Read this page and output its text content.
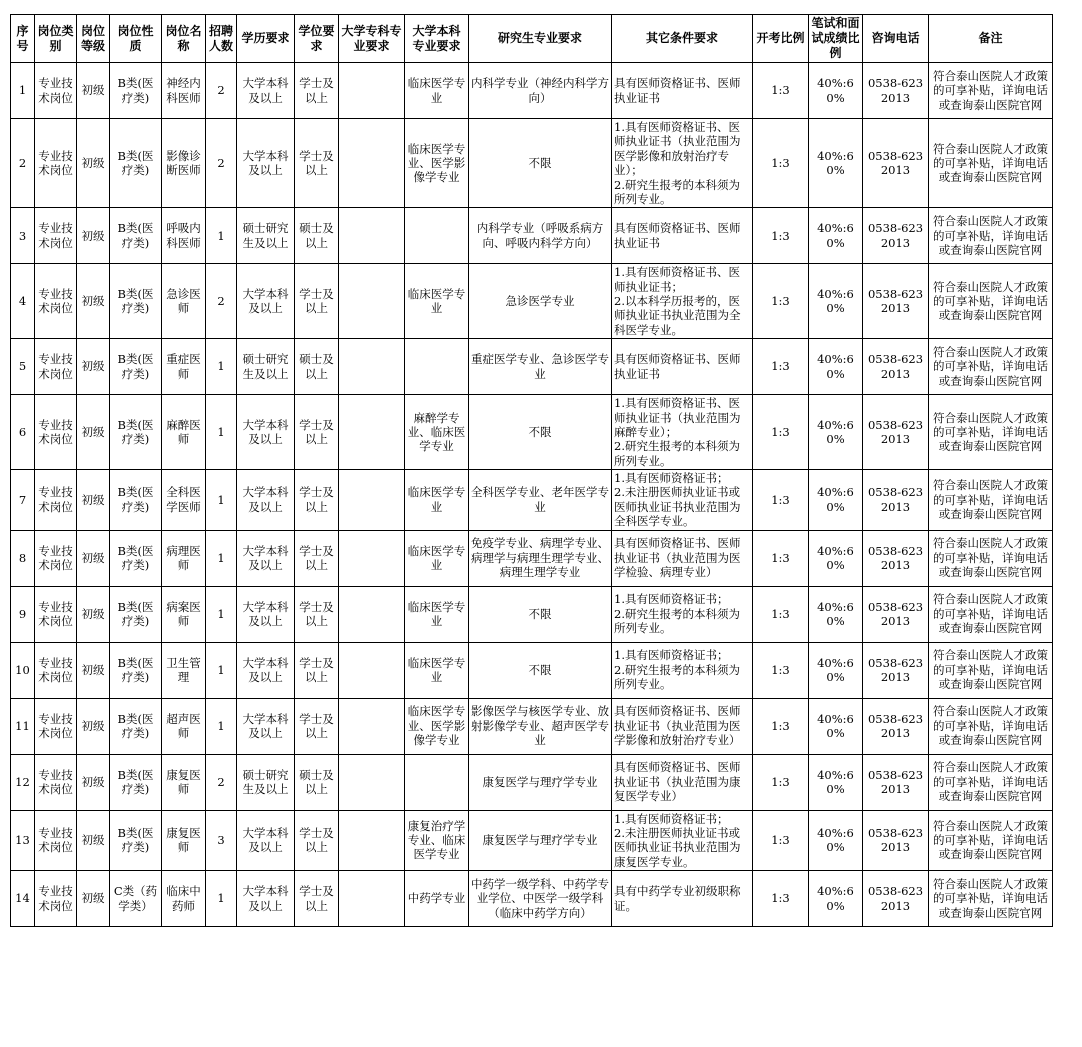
序号	岗位类别	岗位等级	岗位性质	岗位名称	招聘人数	学历要求	学位要求	大学专科专业要求	大学本科专业要求	研究生专业要求	其它条件要求	开考比例	笔试和面试成绩比例	咨询电话	备注
1	专业技术岗位	初级	B类(医疗类)	神经内科医师	2	大学本科及以上	学士及以上		临床医学专业	内科学专业（神经内科学方向）	具有医师资格证书、医师执业证书	1:3	40%:60%	0538-6232013	符合泰山医院人才政策的可享补贴，详询电话或查询泰山医院官网
2	专业技术岗位	初级	B类(医疗类)	影像诊断医师	2	大学本科及以上	学士及以上		临床医学专业、医学影像学专业	不限	1.具有医师资格证书、医师执业证书（执业范围为医学影像和放射治疗专业）；
2.研究生报考的本科须为所列专业。	1:3	40%:60%	0538-6232013	符合泰山医院人才政策的可享补贴，详询电话或查询泰山医院官网
3	专业技术岗位	初级	B类(医疗类)	呼吸内科医师	1	硕士研究生及以上	硕士及以上			内科学专业（呼吸系病方向、呼吸内科学方向）	具有医师资格证书、医师执业证书	1:3	40%:60%	0538-6232013	符合泰山医院人才政策的可享补贴，详询电话或查询泰山医院官网
4	专业技术岗位	初级	B类(医疗类)	急诊医师	2	大学本科及以上	学士及以上		临床医学专业	急诊医学专业	1.具有医师资格证书、医师执业证书；
2.以本科学历报考的，医师执业证书执业范围为全科医学专业。	1:3	40%:60%	0538-6232013	符合泰山医院人才政策的可享补贴，详询电话或查询泰山医院官网
5	专业技术岗位	初级	B类(医疗类)	重症医师	1	硕士研究生及以上	硕士及以上			重症医学专业、急诊医学专业	具有医师资格证书、医师执业证书	1:3	40%:60%	0538-6232013	符合泰山医院人才政策的可享补贴，详询电话或查询泰山医院官网
6	专业技术岗位	初级	B类(医疗类)	麻醉医师	1	大学本科及以上	学士及以上		麻醉学专业、临床医学专业	不限	1.具有医师资格证书、医师执业证书（执业范围为麻醉专业）；
2.研究生报考的本科须为所列专业。	1:3	40%:60%	0538-6232013	符合泰山医院人才政策的可享补贴，详询电话或查询泰山医院官网
7	专业技术岗位	初级	B类(医疗类)	全科医学医师	1	大学本科及以上	学士及以上		临床医学专业	全科医学专业、老年医学专业	1.具有医师资格证书；
2.未注册医师执业证书或医师执业证书执业范围为全科医学专业。	1:3	40%:60%	0538-6232013	符合泰山医院人才政策的可享补贴，详询电话或查询泰山医院官网
8	专业技术岗位	初级	B类(医疗类)	病理医师	1	大学本科及以上	学士及以上		临床医学专业	免疫学专业、病理学专业、病理学与病理生理学专业、病理生理学专业	具有医师资格证书、医师执业证书（执业范围为医学检验、病理专业）	1:3	40%:60%	0538-6232013	符合泰山医院人才政策的可享补贴，详询电话或查询泰山医院官网
9	专业技术岗位	初级	B类(医疗类)	病案医师	1	大学本科及以上	学士及以上		临床医学专业	不限	1.具有医师资格证书；
2.研究生报考的本科须为所列专业。	1:3	40%:60%	0538-6232013	符合泰山医院人才政策的可享补贴，详询电话或查询泰山医院官网
10	专业技术岗位	初级	B类(医疗类)	卫生管理	1	大学本科及以上	学士及以上		临床医学专业	不限	1.具有医师资格证书；
2.研究生报考的本科须为所列专业。	1:3	40%:60%	0538-6232013	符合泰山医院人才政策的可享补贴，详询电话或查询泰山医院官网
11	专业技术岗位	初级	B类(医疗类)	超声医师	1	大学本科及以上	学士及以上		临床医学专业、医学影像学专业	影像医学与核医学专业、放射影像学专业、超声医学专业	具有医师资格证书、医师执业证书（执业范围为医学影像和放射治疗专业）	1:3	40%:60%	0538-6232013	符合泰山医院人才政策的可享补贴，详询电话或查询泰山医院官网
12	专业技术岗位	初级	B类(医疗类)	康复医师	2	硕士研究生及以上	硕士及以上			康复医学与理疗学专业	具有医师资格证书、医师执业证书（执业范围为康复医学专业）	1:3	40%:60%	0538-6232013	符合泰山医院人才政策的可享补贴，详询电话或查询泰山医院官网
13	专业技术岗位	初级	B类(医疗类)	康复医师	3	大学本科及以上	学士及以上		康复治疗学专业、临床医学专业	康复医学与理疗学专业	1.具有医师资格证书；
2.未注册医师执业证书或医师执业证书执业范围为康复医学专业。	1:3	40%:60%	0538-6232013	符合泰山医院人才政策的可享补贴，详询电话或查询泰山医院官网
14	专业技术岗位	初级	C类（药学类）	临床中药师	1	大学本科及以上	学士及以上		中药学专业	中药学一级学科、中药学专业学位、中医学一级学科（临床中药学方向）	具有中药学专业初级职称证。	1:3	40%:60%	0538-6232013	符合泰山医院人才政策的可享补贴，详询电话或查询泰山医院官网
